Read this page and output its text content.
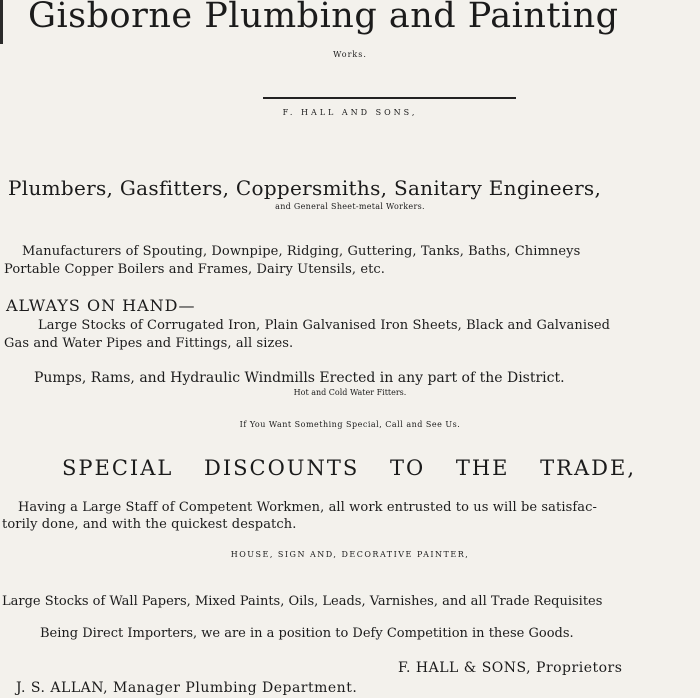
Gisborne Plumbing and Painting
Works.
F. HALL AND SONS,
Plumbers, Gasfitters, Coppersmiths, Sanitary Engineers,
and General Sheet-metal Workers.
Manufacturers of Spouting, Downpipe, Ridging, Guttering, Tanks, Baths, Chimneys
Portable Copper Boilers and Frames, Dairy Utensils, etc.
ALWAYS ON HAND—
Large Stocks of Corrugated Iron, Plain Galvanised Iron Sheets, Black and Galvanised
Gas and Water Pipes and Fittings, all sizes.
Pumps, Rams, and Hydraulic Windmills Erected in any part of the District.
Hot and Cold Water Fitters.
If You Want Something Special, Call and See Us.
SPECIAL DISCOUNTS TO THE TRADE,
Having a Large Staff of Competent Workmen, all work entrusted to us will be satisfac-
torily done, and with the quickest despatch.
HOUSE, SIGN AND, DECORATIVE PAINTER,
Large Stocks of Wall Papers, Mixed Paints, Oils, Leads, Varnishes, and all Trade Requisites
Being Direct Importers, we are in a position to Defy Competition in these Goods.
F. HALL & SONS, Proprietors
J. S. ALLAN, Manager Plumbing Department.
